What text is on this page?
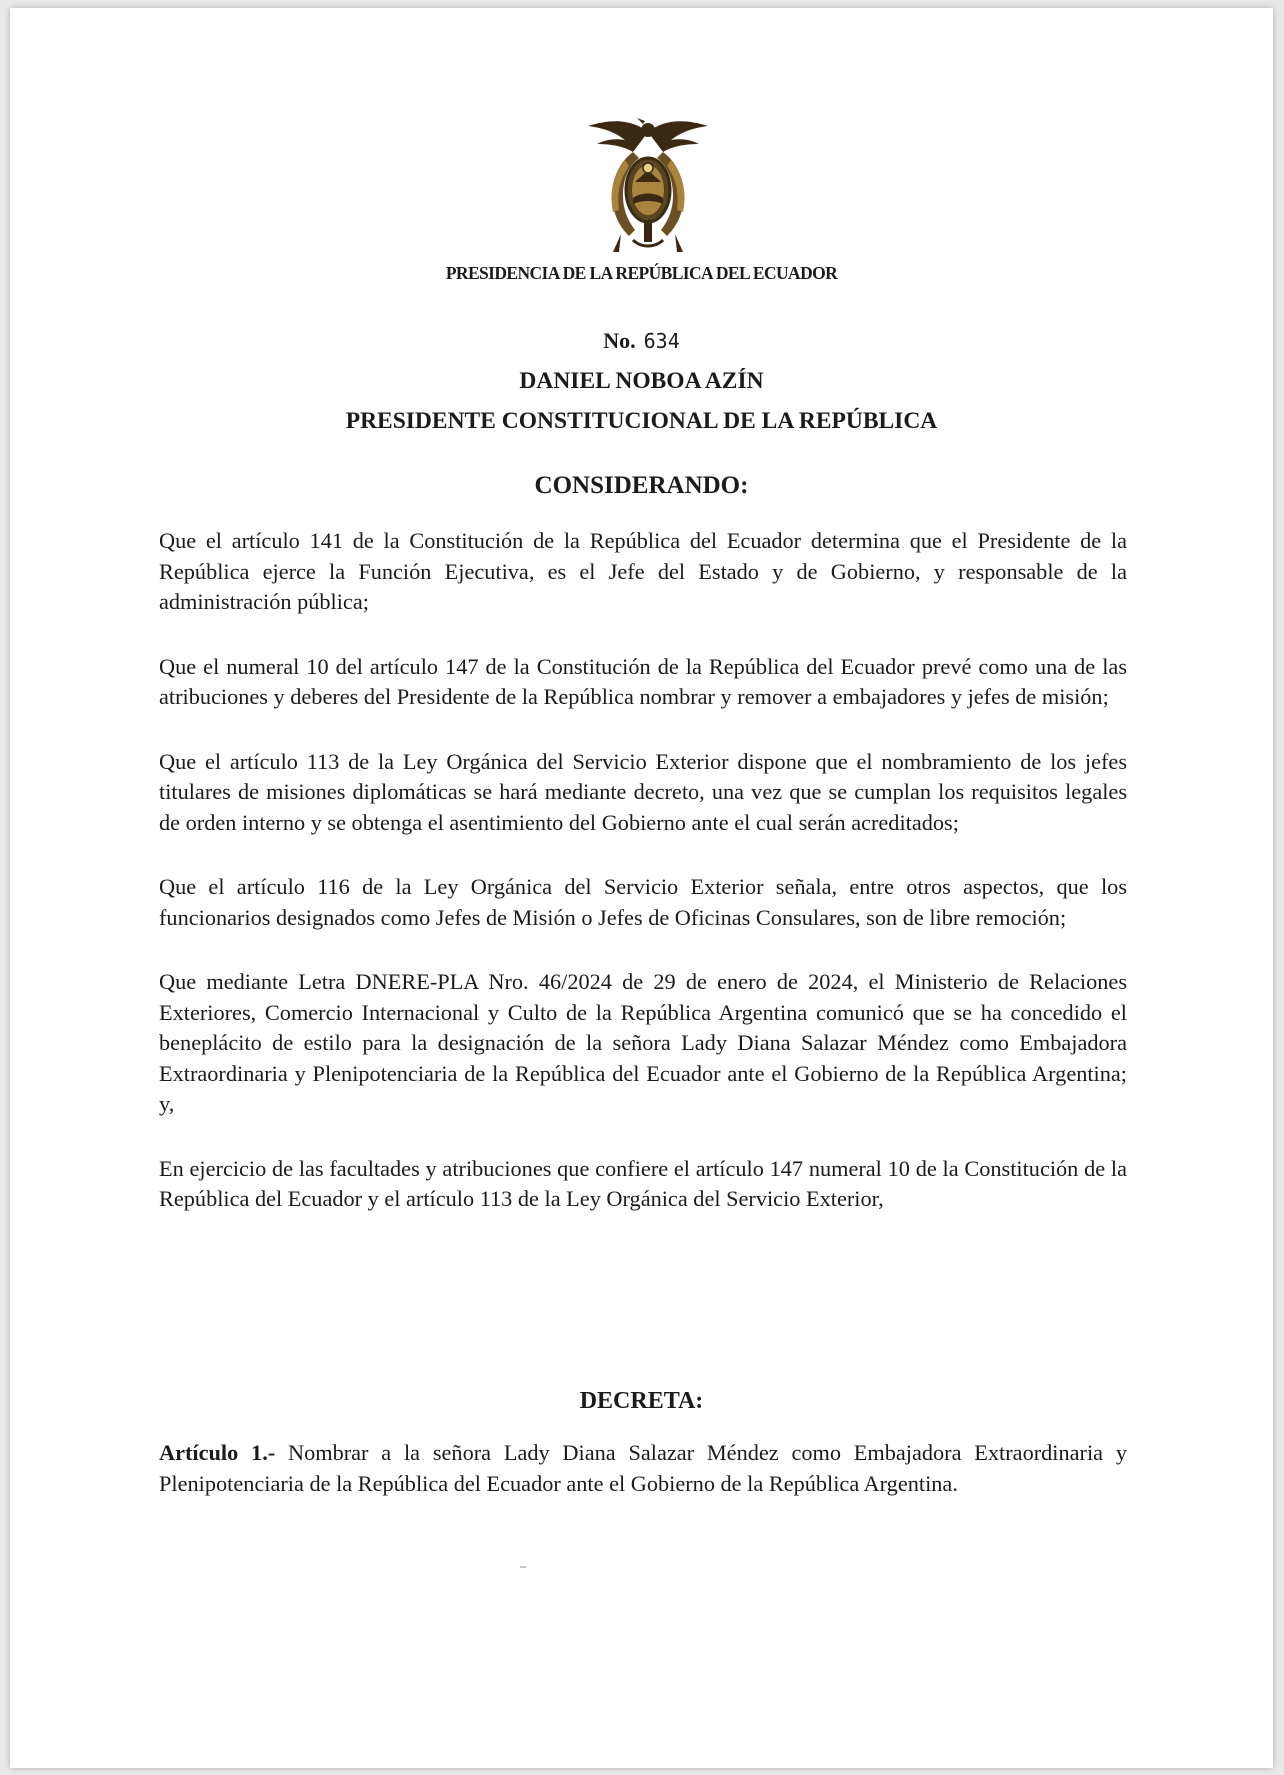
PRESIDENCIA DE LA REPÚBLICA DEL ECUADOR
No. 634
DANIEL NOBOA AZÍN
PRESIDENTE CONSTITUCIONAL DE LA REPÚBLICA
CONSIDERANDO:

Que el artículo 141 de la Constitución de la República del Ecuador determina que el Presidente de la República ejerce la Función Ejecutiva, es el Jefe del Estado y de Gobierno, y responsable de la administración pública;

Que el numeral 10 del artículo 147 de la Constitución de la República del Ecuador prevé como una de las atribuciones y deberes del Presidente de la República nombrar y remover a embajadores y jefes de misión;

Que el artículo 113 de la Ley Orgánica del Servicio Exterior dispone que el nombramiento de los jefes titulares de misiones diplomáticas se hará mediante decreto, una vez que se cumplan los requisitos legales de orden interno y se obtenga el asentimiento del Gobierno ante el cual serán acreditados;

Que el artículo 116 de la Ley Orgánica del Servicio Exterior señala, entre otros aspectos, que los funcionarios designados como Jefes de Misión o Jefes de Oficinas Consulares, son de libre remoción;

Que mediante Letra DNERE-PLA Nro. 46/2024 de 29 de enero de 2024, el Ministerio de Relaciones Exteriores, Comercio Internacional y Culto de la República Argentina comunicó que se ha concedido el beneplácito de estilo para la designación de la señora Lady Diana Salazar Méndez como Embajadora Extraordinaria y Plenipotenciaria de la República del Ecuador ante el Gobierno de la República Argentina; y,

En ejercicio de las facultades y atribuciones que confiere el artículo 147 numeral 10 de la Constitución de la República del Ecuador y el artículo 113 de la Ley Orgánica del Servicio Exterior,

DECRETA:
Artículo 1.- Nombrar a la señora Lady Diana Salazar Méndez como Embajadora Extraordinaria y Plenipotenciaria de la República del Ecuador ante el Gobierno de la República Argentina.
